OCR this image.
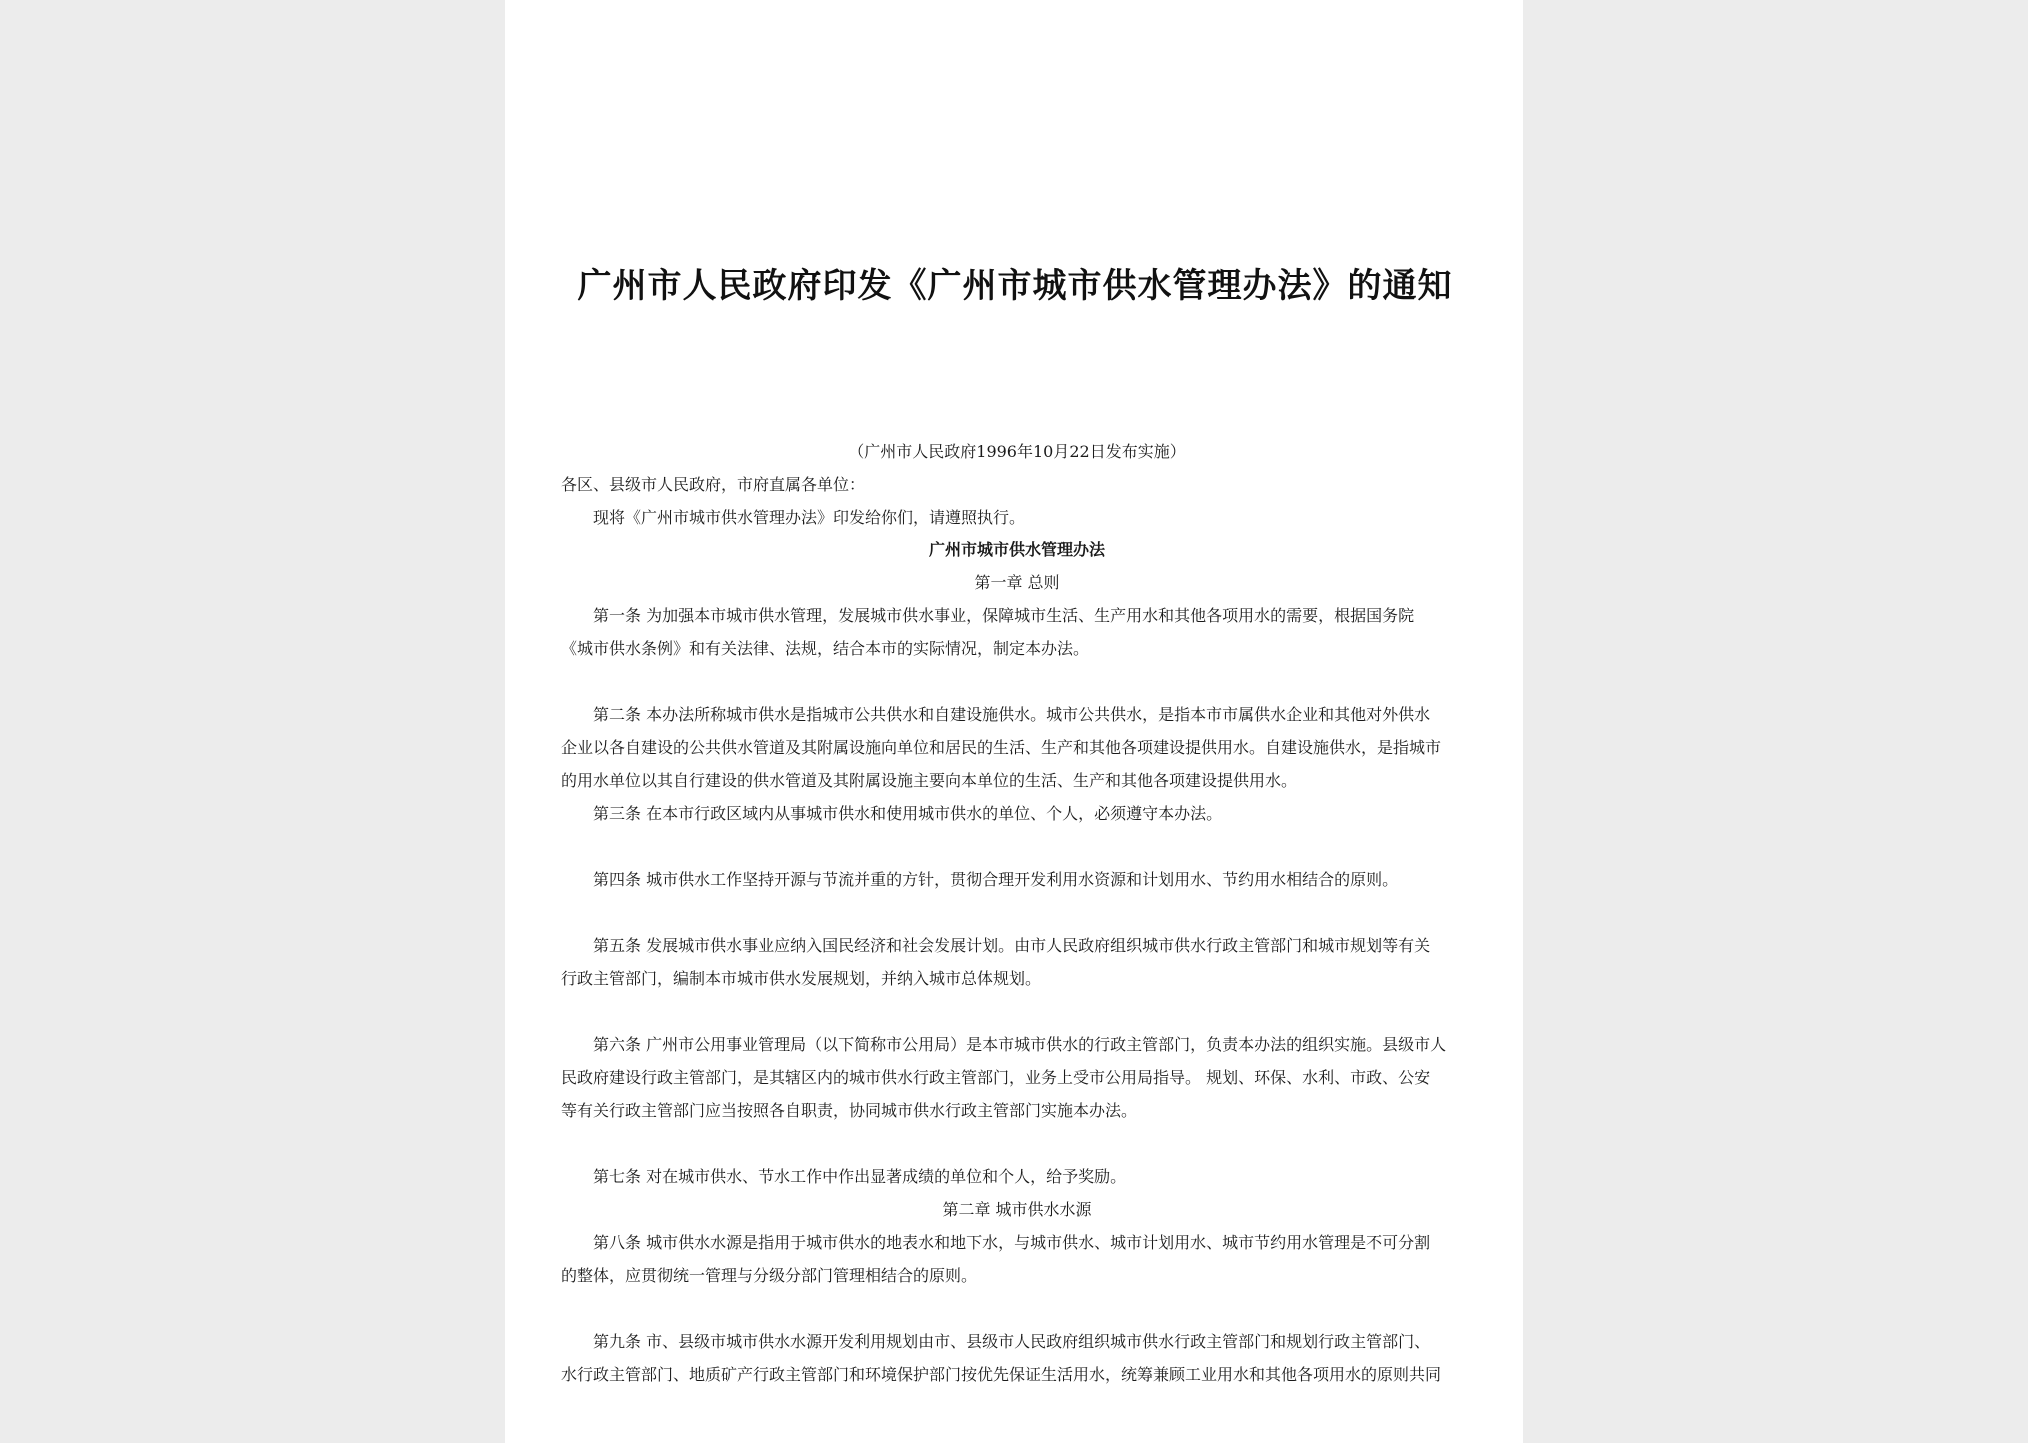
广州市人民政府印发《广州市城市供水管理办法》的通知
（广州市人民政府1996年10月22日发布实施）
各区、县级市人民政府，市府直属各单位：
现将《广州市城市供水管理办法》印发给你们，请遵照执行。
广州市城市供水管理办法
第一章 总则
第一条 为加强本市城市供水管理，发展城市供水事业，保障城市生活、生产用水和其他各项用水的需要，根据国务院
《城市供水条例》和有关法律、法规，结合本市的实际情况，制定本办法。
第二条 本办法所称城市供水是指城市公共供水和自建设施供水。城市公共供水，是指本市市属供水企业和其他对外供水
企业以各自建设的公共供水管道及其附属设施向单位和居民的生活、生产和其他各项建设提供用水。自建设施供水，是指城市
的用水单位以其自行建设的供水管道及其附属设施主要向本单位的生活、生产和其他各项建设提供用水。
第三条 在本市行政区域内从事城市供水和使用城市供水的单位、个人，必须遵守本办法。
第四条 城市供水工作坚持开源与节流并重的方针，贯彻合理开发利用水资源和计划用水、节约用水相结合的原则。
第五条 发展城市供水事业应纳入国民经济和社会发展计划。由市人民政府组织城市供水行政主管部门和城市规划等有关
行政主管部门，编制本市城市供水发展规划，并纳入城市总体规划。
第六条 广州市公用事业管理局（以下简称市公用局）是本市城市供水的行政主管部门，负责本办法的组织实施。县级市人
民政府建设行政主管部门，是其辖区内的城市供水行政主管部门，业务上受市公用局指导。 规划、环保、水利、市政、公安
等有关行政主管部门应当按照各自职责，协同城市供水行政主管部门实施本办法。
第七条 对在城市供水、节水工作中作出显著成绩的单位和个人，给予奖励。
第二章 城市供水水源
第八条 城市供水水源是指用于城市供水的地表水和地下水，与城市供水、城市计划用水、城市节约用水管理是不可分割
的整体，应贯彻统一管理与分级分部门管理相结合的原则。
第九条 市、县级市城市供水水源开发利用规划由市、县级市人民政府组织城市供水行政主管部门和规划行政主管部门、
水行政主管部门、地质矿产行政主管部门和环境保护部门按优先保证生活用水，统筹兼顾工业用水和其他各项用水的原则共同
